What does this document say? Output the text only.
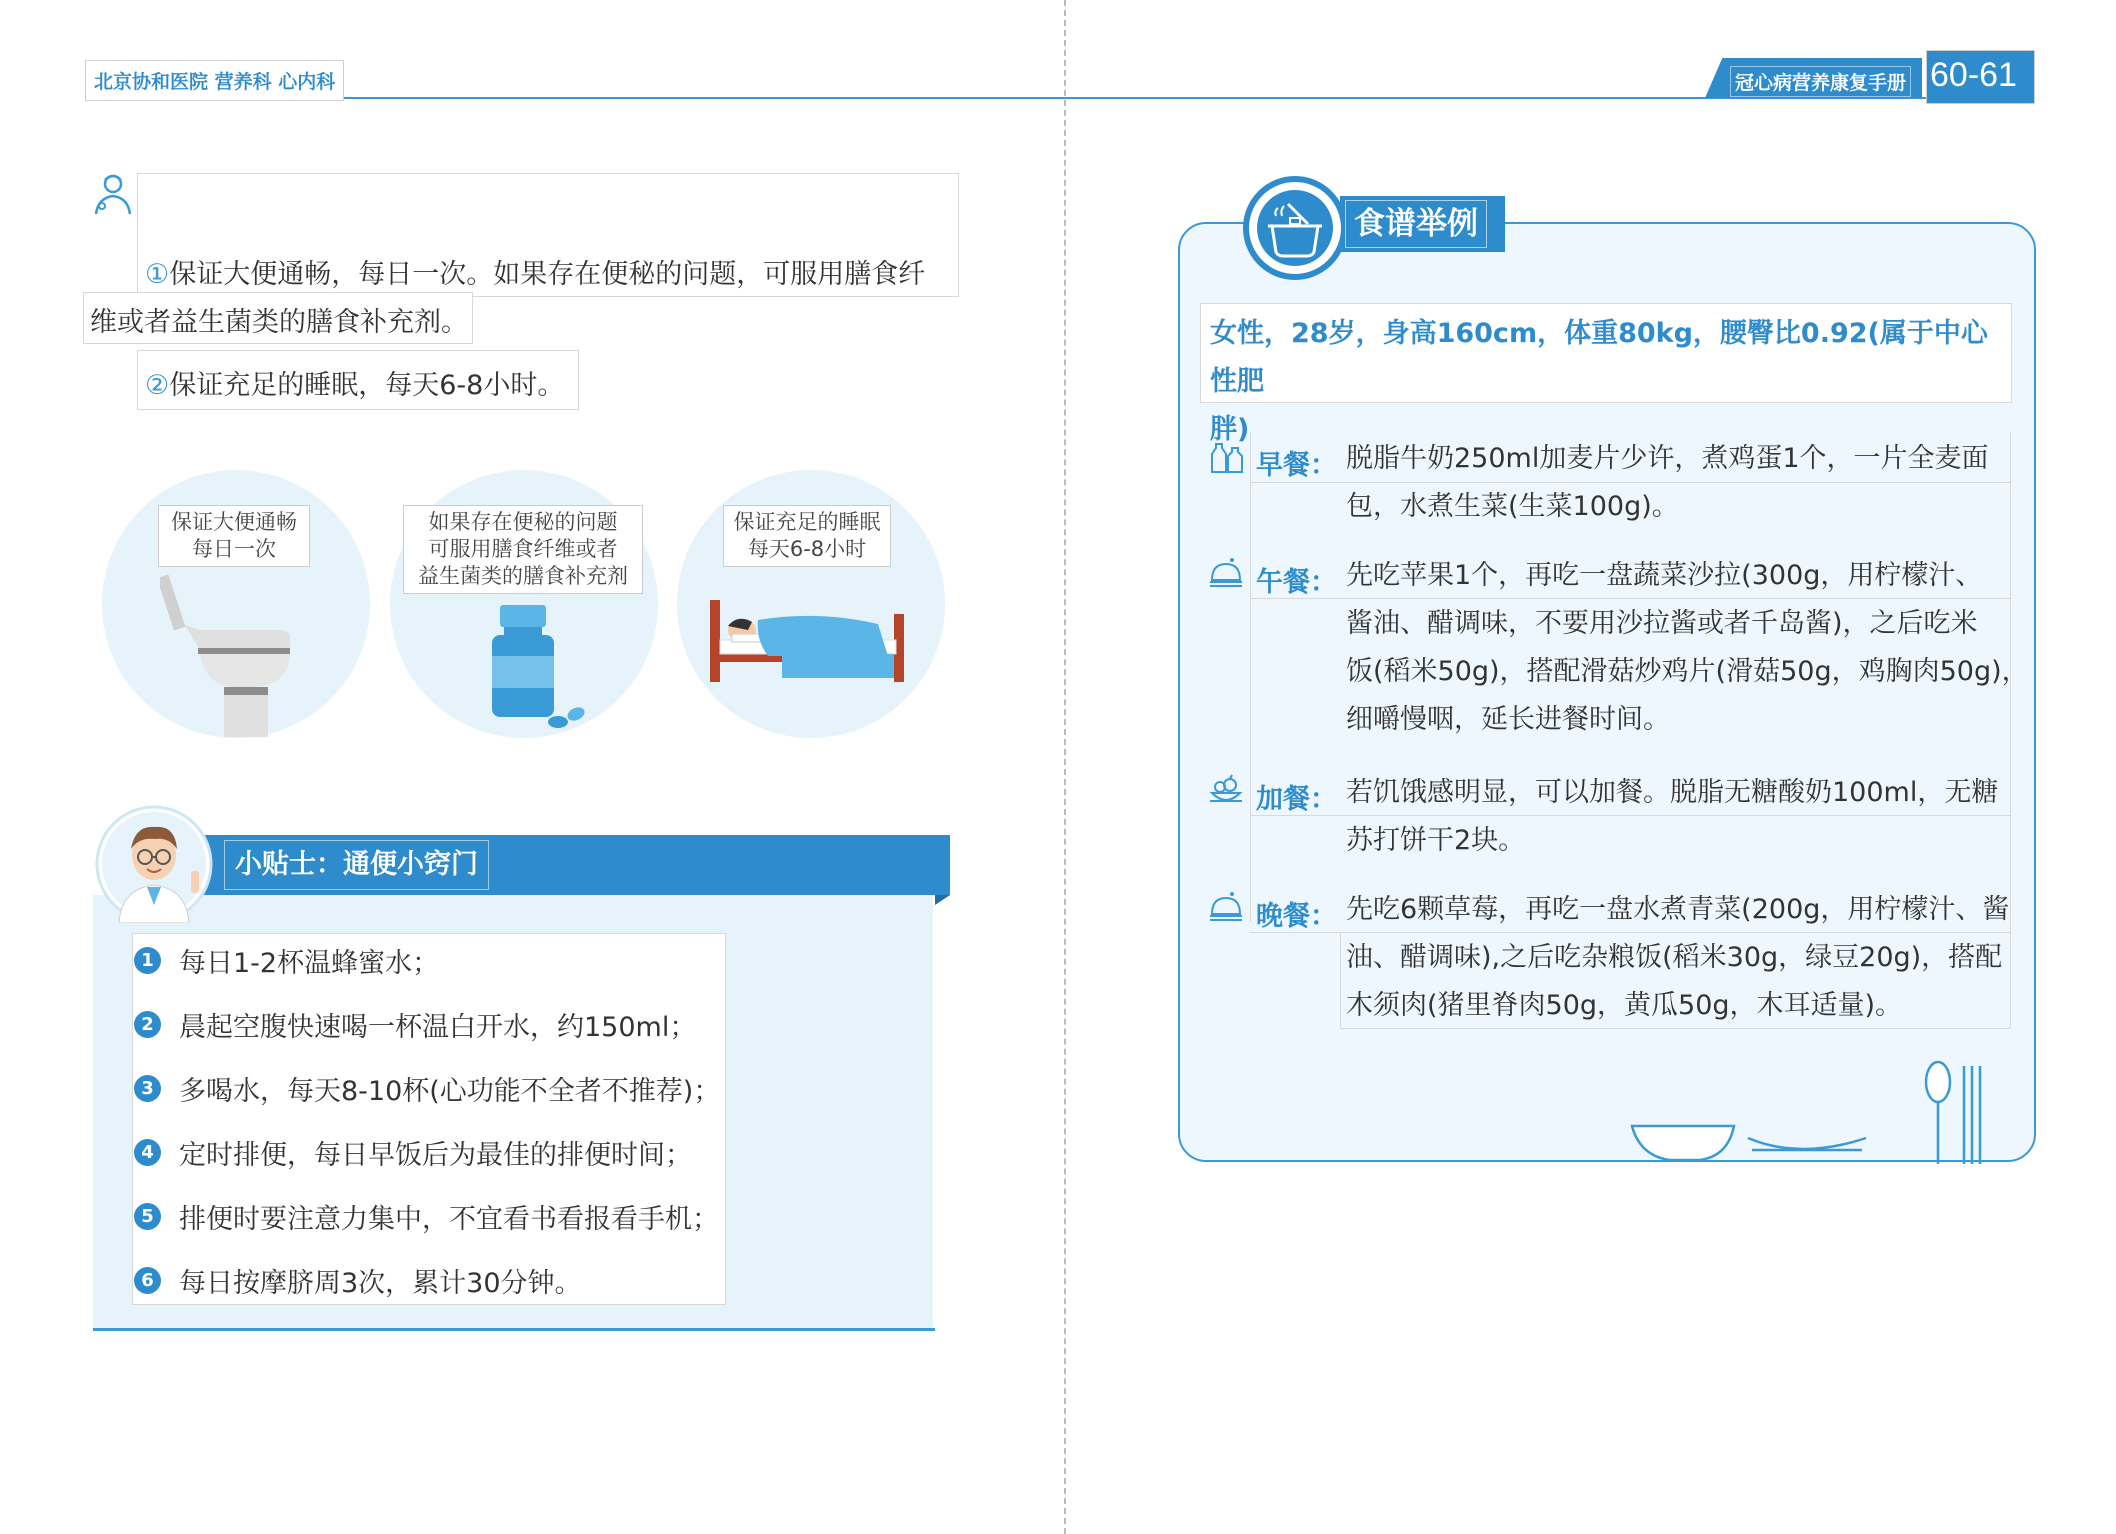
北京协和医院 营养科 心内科	冠心病营养康复手册 60-61
①保证大便通畅，每日一次。如果存在便秘的问题，可服用膳食纤
维或者益生菌类的膳食补充剂。
②保证充足的睡眠，每天6-8小时。
保证大便通畅
每日一次
如果存在便秘的问题
可服用膳食纤维或者
益生菌类的膳食补充剂
保证充足的睡眠
每天6-8小时
小贴士：通便小窍门
1 每日1-2杯温蜂蜜水；
2 晨起空腹快速喝一杯温白开水，约150ml；
3 多喝水，每天8-10杯(心功能不全者不推荐)；
4 定时排便，每日早饭后为最佳的排便时间；
5 排便时要注意力集中，不宜看书看报看手机；
6 每日按摩脐周3次，累计30分钟。
食谱举例
女性，28岁，身高160cm，体重80kg，腰臀比0.92(属于中心性肥
胖)
早餐： 脱脂牛奶250ml加麦片少许，煮鸡蛋1个，一片全麦面
包，水煮生菜(生菜100g)。
午餐： 先吃苹果1个，再吃一盘蔬菜沙拉(300g，用柠檬汁、
酱油、醋调味，不要用沙拉酱或者千岛酱)，之后吃米
饭(稻米50g)，搭配滑菇炒鸡片(滑菇50g，鸡胸肉50g)，
细嚼慢咽，延长进餐时间。
加餐： 若饥饿感明显，可以加餐。脱脂无糖酸奶100ml，无糖
苏打饼干2块。
晚餐： 先吃6颗草莓，再吃一盘水煮青菜(200g，用柠檬汁、酱
油、醋调味),之后吃杂粮饭(稻米30g，绿豆20g)，搭配
木须肉(猪里脊肉50g，黄瓜50g，木耳适量)。
